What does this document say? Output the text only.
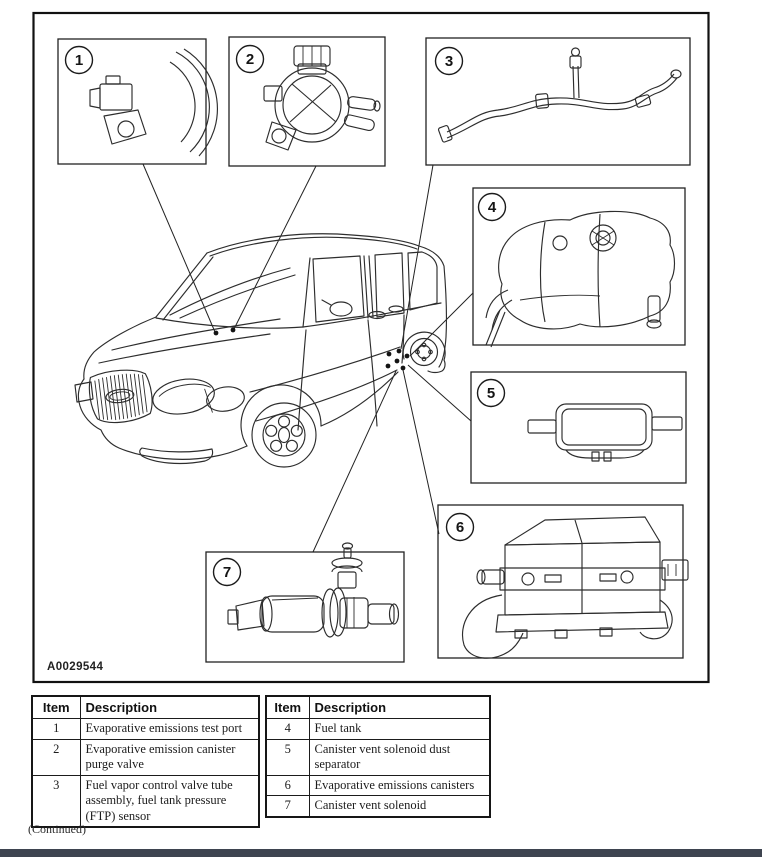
1	2	3
4
5
6
7
A0029544
Item	Description
1	Evaporative emissions test port
2	Evaporative emission canister purge valve
3	Fuel vapor control valve tube assembly, fuel tank pressure (FTP) sensor
Item	Description
4	Fuel tank
5	Canister vent solenoid dust separator
6	Evaporative emissions canisters
7	Canister vent solenoid
(Continued)
